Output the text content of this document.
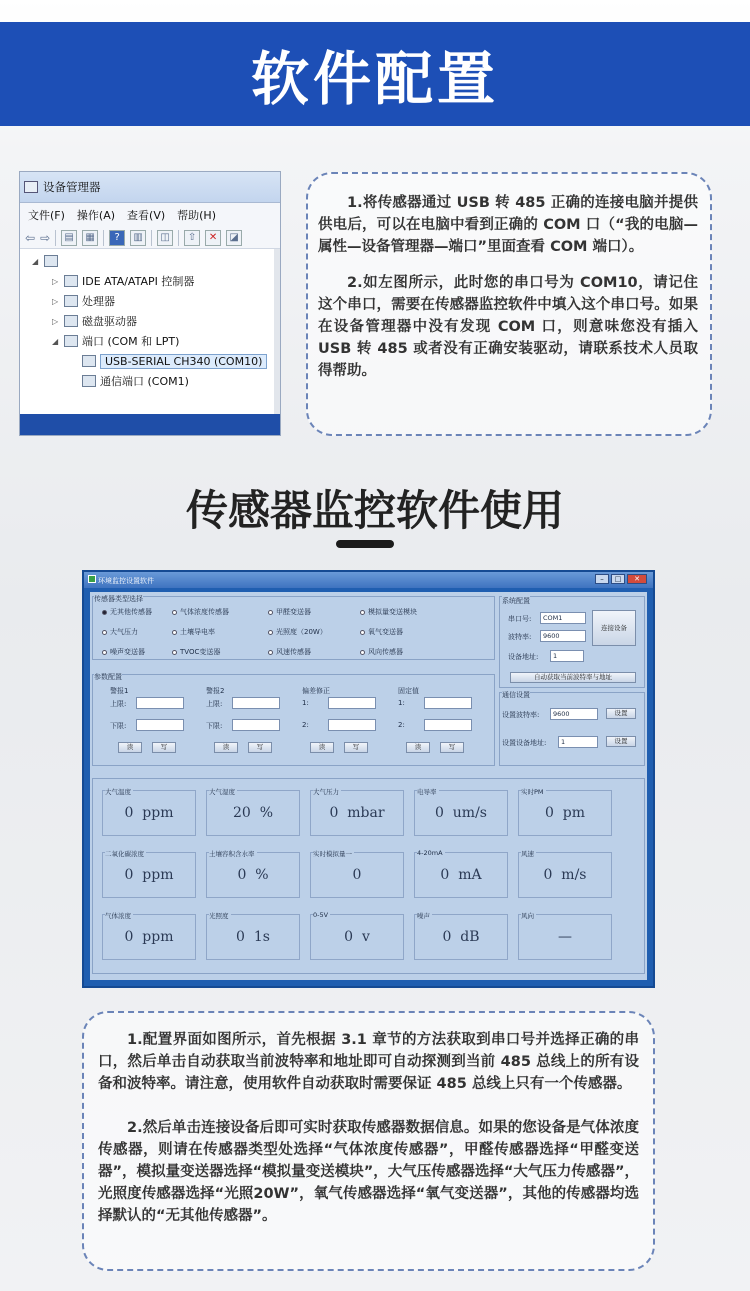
软件配置
设备管理器
文件(F) 操作(A) 查看(V) 帮助(H)
⇦ ⇨	▤	▦	?	▥	◫	⇧	✕	◪
◢
▷ IDE ATA/ATAPI 控制器
▷ 处理器
▷ 磁盘驱动器
◢ 端口 (COM 和 LPT)
USB-SERIAL CH340 (COM10)
通信端口 (COM1)

1.将传感器通过 USB 转 485 正确的连接电脑并提供供电后，可以在电脑中看到正确的 COM 口（“我的电脑—属性—设备管理器—端口”里面查看 COM 端口）。

2.如左图所示，此时您的串口号为 COM10，请记住这个串口，需要在传感器监控软件中填入这个串口号。如果在设备管理器中没有发现 COM 口，则意味您没有插入 USB 转 485 或者没有正确安装驱动，请联系技术人员取得帮助。

传感器监控软件使用
环境监控设置软件	–	□	✕
传感器类型选择
无其他传感器	气体浓度传感器	甲醛变送器	模拟量变送模块
大气压力	土壤导电率	光照度（20W）	氧气变送器
噪声变送器	TVOC变送器	风速传感器	风向传感器
系统配置
串口号:	COM1
波特率:	9600
设备地址:	1
连接设备
自动获取当前波特率与地址
通信设置
设置波特率:	9600	设置
设置设备地址:	1	设置
参数配置
警报1
上限:
下限:
读	写
警报2
上限:
下限:
读	写
偏差修正
1:
2:
读	写
固定值
1:
2:
读	写
大气温度
0  ppm
大气湿度
20  %
大气压力
0  mbar
电导率
0  um/s
实时PM
0  pm
二氧化碳浓度
0  ppm
土壤容积含水率
0  %
实时模拟量一
0
4-20mA
0  mA
风速
0  m/s
气体浓度
0  ppm
光照度
0  1s
0-5V
0  v
噪声
0  dB
风向
—

1.配置界面如图所示，首先根据 3.1 章节的方法获取到串口号并选择正确的串口，然后单击自动获取当前波特率和地址即可自动探测到当前 485 总线上的所有设备和波特率。请注意，使用软件自动获取时需要保证 485 总线上只有一个传感器。

2.然后单击连接设备后即可实时获取传感器数据信息。如果的您设备是气体浓度传感器，则请在传感器类型处选择“气体浓度传感器”，甲醛传感器选择“甲醛变送器”，模拟量变送器选择“模拟量变送模块”，大气压传感器选择“大气压力传感器”，光照度传感器选择“光照20W”，氧气传感器选择“氧气变送器”，其他的传感器均选择默认的“无其他传感器”。
